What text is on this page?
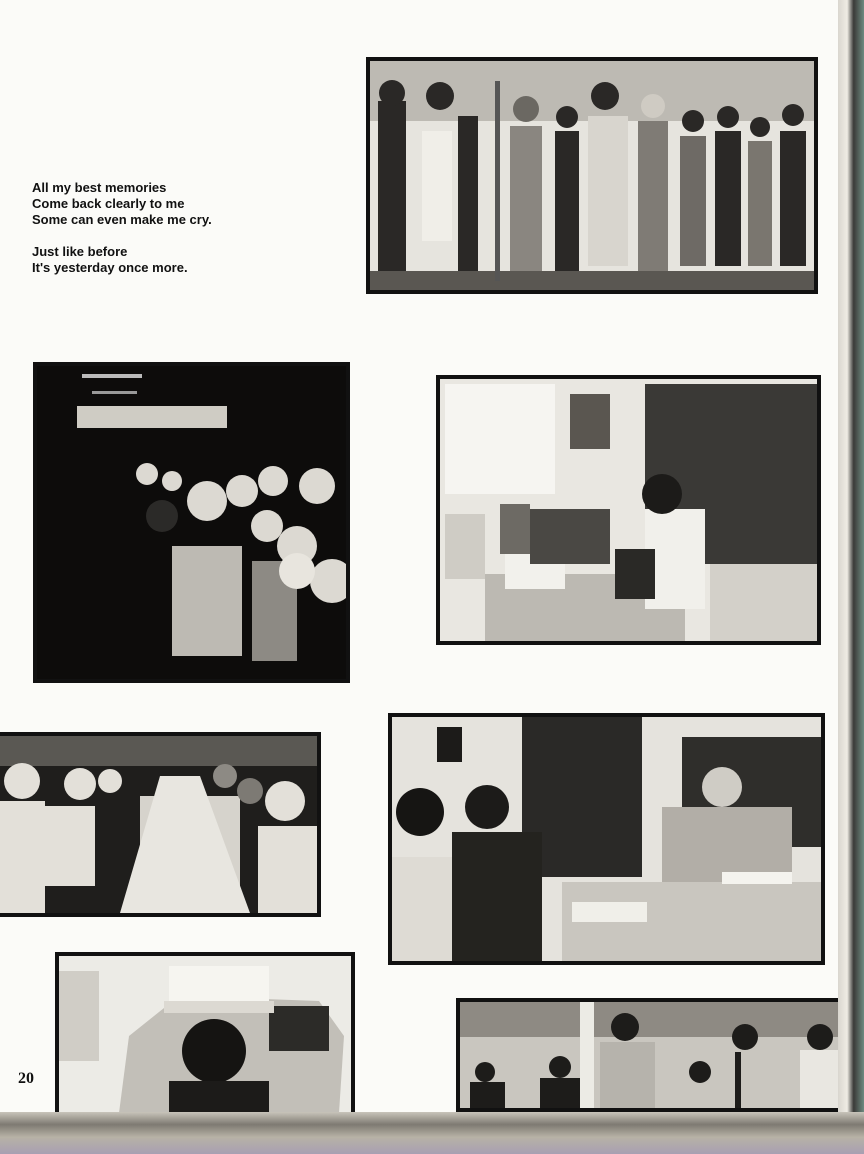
All my best memories

Come back clearly to me

Some can even make me cry.

Just like before

It's yesterday once more.

20
